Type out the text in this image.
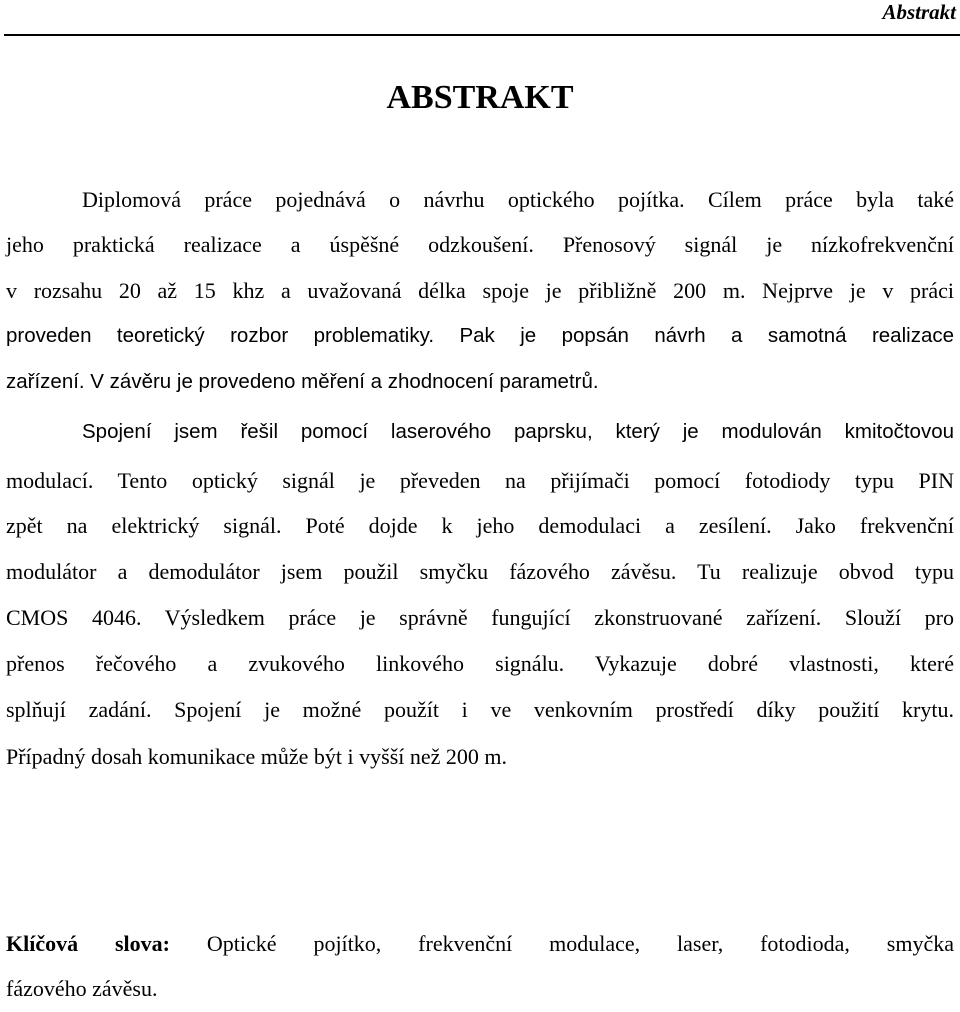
Abstrakt
ABSTRAKT
Diplomová práce pojednává o návrhu optického pojítka. Cílem práce byla také
jeho praktická realizace a úspěšné odzkoušení. Přenosový signál je nízkofrekvenční
v rozsahu 20 až 15 khz a uvažovaná délka spoje je přibližně 200 m. Nejprve je v práci
proveden teoretický rozbor problematiky. Pak je popsán návrh a samotná realizace
zařízení. V závěru je provedeno měření a zhodnocení parametrů.
Spojení jsem řešil pomocí laserového paprsku, který je modulován kmitočtovou
modulací. Tento optický signál je převeden na přijímači pomocí fotodiody typu PIN
zpět na elektrický signál. Poté dojde k jeho demodulaci a zesílení. Jako frekvenční
modulátor a demodulátor jsem použil smyčku fázového závěsu. Tu realizuje obvod typu
CMOS 4046. Výsledkem práce je správně fungující zkonstruované zařízení. Slouží pro
přenos řečového a zvukového linkového signálu. Vykazuje dobré vlastnosti, které
splňují zadání. Spojení je možné použít i ve venkovním prostředí díky použití krytu.
Případný dosah komunikace může být i vyšší než 200 m.
Klíčová slova: Optické pojítko, frekvenční modulace, laser, fotodioda, smyčka
fázového závěsu.
